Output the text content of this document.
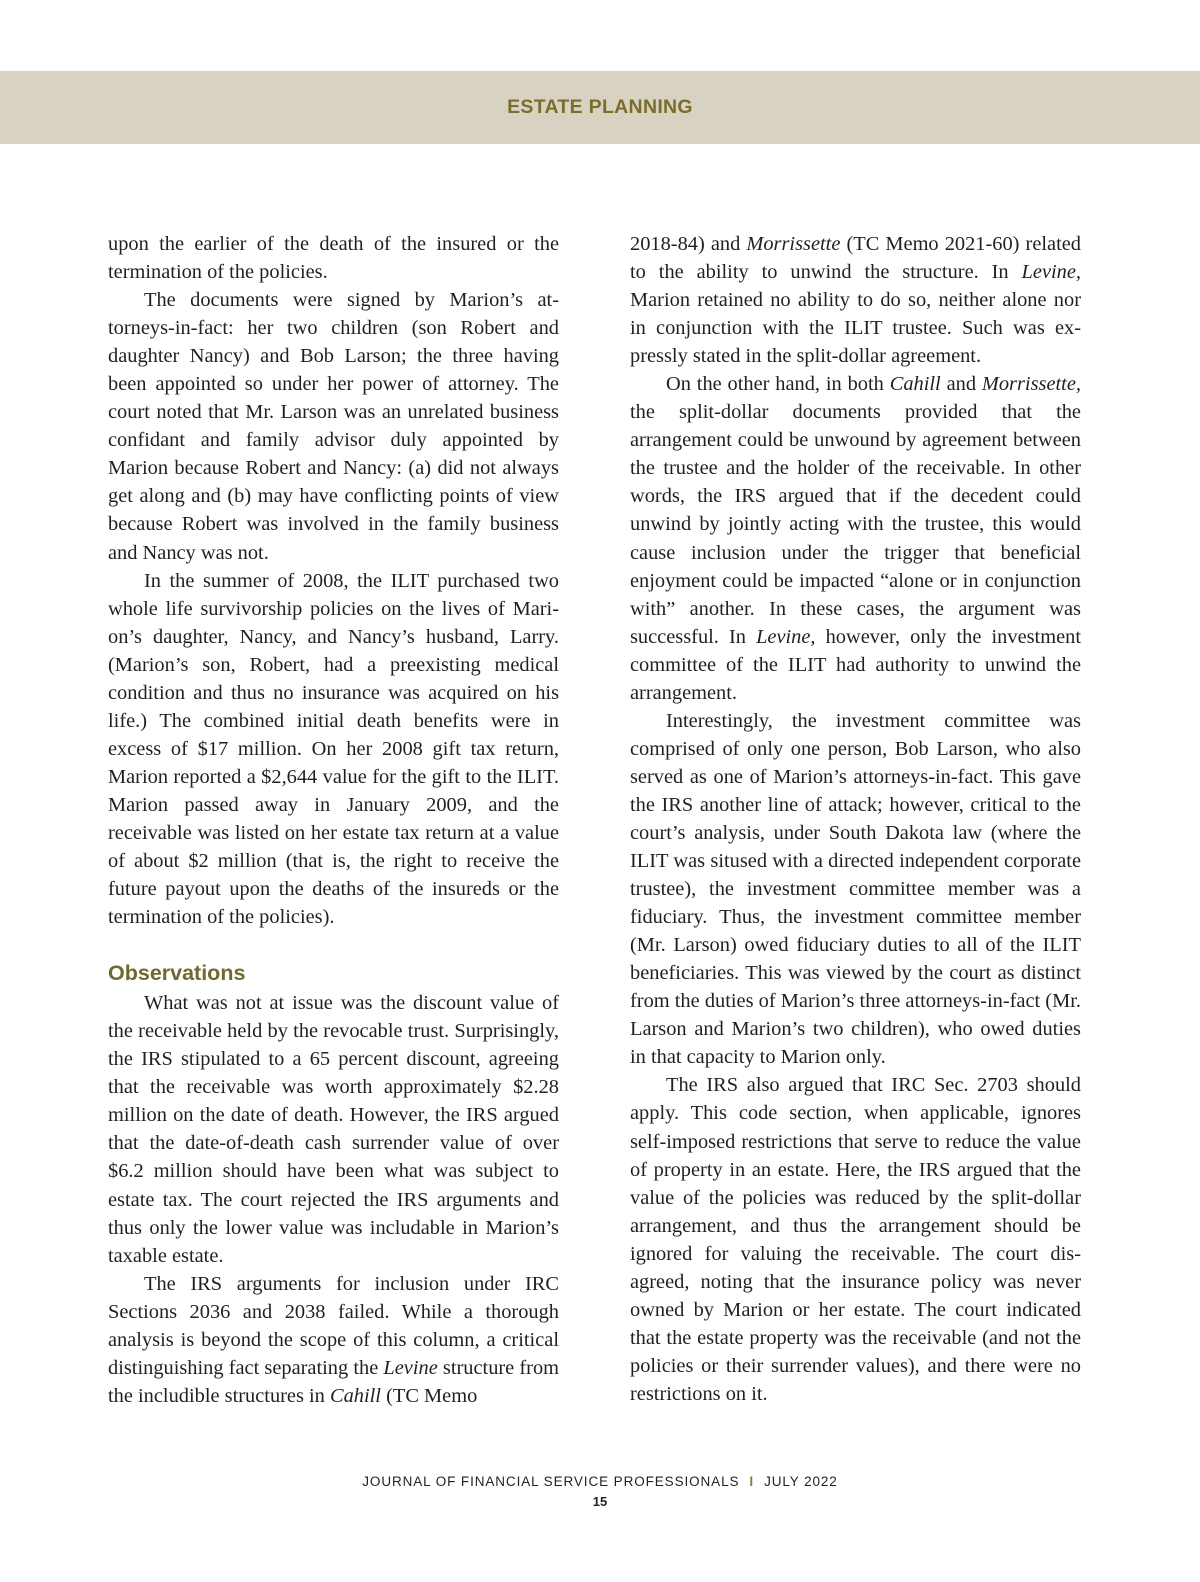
ESTATE PLANNING

upon the earlier of the death of the insured or the termination of the policies.

The documents were signed by Marion’s attorneys-in-fact: her two children (son Robert and daughter Nancy) and Bob Larson; the three having been appointed so under her power of attorney. The court noted that Mr. Larson was an unrelated business confidant and family advisor duly appointed by Marion because Robert and Nancy: (a) did not always get along and (b) may have conflicting points of view because Robert was involved in the family business and Nancy was not.

In the summer of 2008, the ILIT purchased two whole life survivorship policies on the lives of Marion’s daughter, Nancy, and Nancy’s husband, Larry. (Marion’s son, Robert, had a preexisting medical condition and thus no insurance was acquired on his life.) The combined initial death benefits were in excess of $17 million. On her 2008 gift tax return, Marion reported a $2,644 value for the gift to the ILIT. Marion passed away in January 2009, and the receivable was listed on her estate tax return at a value of about $2 million (that is, the right to receive the future payout upon the deaths of the insureds or the termination of the policies).

Observations

What was not at issue was the discount value of the receivable held by the revocable trust. Surprisingly, the IRS stipulated to a 65 percent discount, agreeing that the receivable was worth approximately $2.28 million on the date of death. However, the IRS argued that the date-of-death cash surrender value of over $6.2 million should have been what was subject to estate tax. The court rejected the IRS arguments and thus only the lower value was includable in Marion’s taxable estate.

The IRS arguments for inclusion under IRC Sections 2036 and 2038 failed. While a thorough analysis is beyond the scope of this column, a critical distinguishing fact separating the Levine structure from the includible structures in Cahill (TC Memo

2018-84) and Morrissette (TC Memo 2021-60) related to the ability to unwind the structure. In Levine, Marion retained no ability to do so, neither alone nor in conjunction with the ILIT trustee. Such was expressly stated in the split-dollar agreement.

On the other hand, in both Cahill and Morrissette, the split-dollar documents provided that the arrangement could be unwound by agreement between the trustee and the holder of the receivable. In other words, the IRS argued that if the decedent could unwind by jointly acting with the trustee, this would cause inclusion under the trigger that beneficial enjoyment could be impacted “alone or in conjunction with” another. In these cases, the argument was successful. In Levine, however, only the investment committee of the ILIT had authority to unwind the arrangement.

Interestingly, the investment committee was comprised of only one person, Bob Larson, who also served as one of Marion’s attorneys-in-fact. This gave the IRS another line of attack; however, critical to the court’s analysis, under South Dakota law (where the ILIT was sitused with a directed independent corporate trustee), the investment committee member was a fiduciary. Thus, the investment committee member (Mr. Larson) owed fiduciary duties to all of the ILIT beneficiaries. This was viewed by the court as distinct from the duties of Marion’s three attorneys-in-fact (Mr. Larson and Marion’s two children), who owed duties in that capacity to Marion only.

The IRS also argued that IRC Sec. 2703 should apply. This code section, when applicable, ignores self-imposed restrictions that serve to reduce the value of property in an estate. Here, the IRS argued that the value of the policies was reduced by the split-dollar arrangement, and thus the arrangement should be ignored for valuing the receivable. The court disagreed, noting that the insurance policy was never owned by Marion or her estate. The court indicated that the estate property was the receivable (and not the policies or their surrender values), and there were no restrictions on it.

JOURNAL OF FINANCIAL SERVICE PROFESSIONALS I JULY 2022
15
